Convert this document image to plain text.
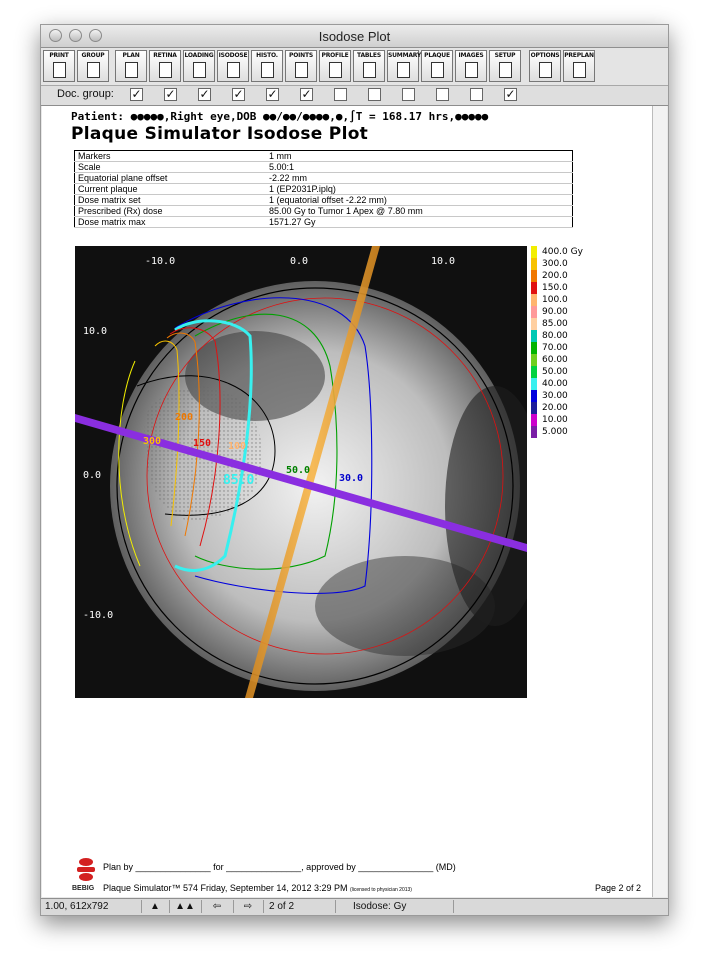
Isodose Plot
PRINT	GROUP	PLAN	RETINA	LOADING ISODOSE	HISTO.	POINTS	PROFILE	TABLES	SUMMARY PLAQUE	IMAGES	SETUP	OPTIONS PREPLAN
Doc. group: ✓ ✓ ✓ ✓ ✓ ✓	✓
Patient: ●●●●●,Right eye,DOB ●●/●●/●●●●,●,∫T = 168.17 hrs,●●●●●
Plaque Simulator Isodose Plot
Markers	1 mm
Scale	5.00:1
Equatorial plane offset	-2.22 mm
Current plaque	1 (EP2031P.iplq)
Dose matrix set	1 (equatorial offset -2.22 mm)
Prescribed (Rx) dose	85.00 Gy to Tumor 1 Apex @ 7.80 mm
Dose matrix max	1571.27 Gy
-10.0	0.0	10.0
10.0
0.0
-10.0
300
200
150 100
85.0
50.0
30.0
400.0 Gy
300.0
200.0
150.0
100.0
90.00
85.00
80.00
70.00
60.00
50.00
40.00
30.00
20.00
10.00
5.000
BEBIG
Plan by _______________ for _______________, approved by _______________ (MD)
Plaque Simulator™ 574 Friday, September 14, 2012 3:29 PM (licensed to physician 2013)	Page 2 of 2
1.00, 612x792	▲	▲▲	⇦	⇨	2 of 2	Isodose: Gy
